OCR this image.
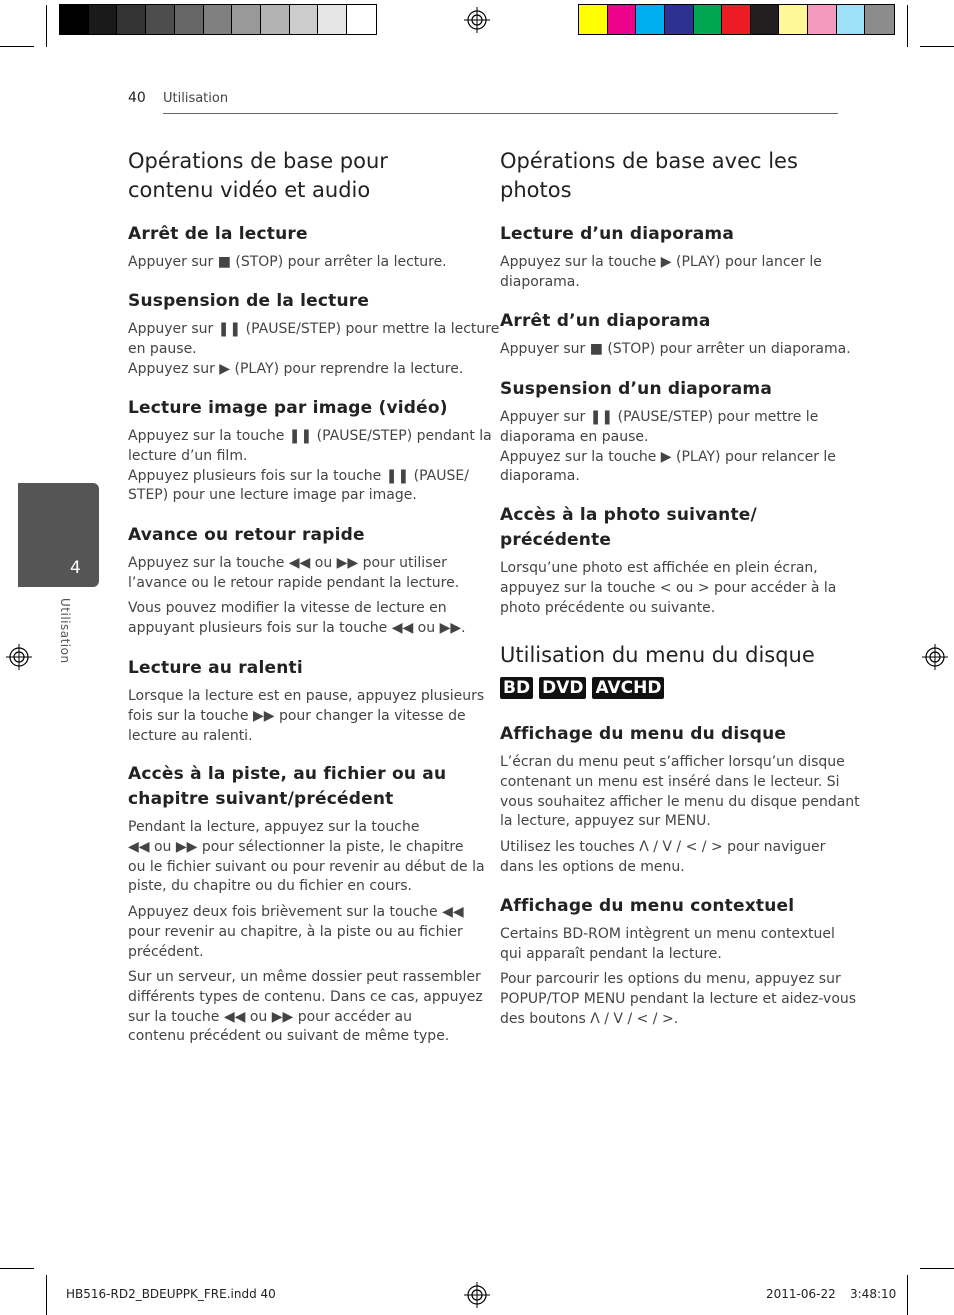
40 Utilisation
4
Utilisation
Opérations de base pour
contenu vidéo et audio
Arrêt de la lecture
Appuyer sur ■ (STOP) pour arrêter la lecture.
Suspension de la lecture
Appuyer sur ❚❚ (PAUSE/STEP) pour mettre la lecture
en pause.
Appuyez sur ▶ (PLAY) pour reprendre la lecture.
Lecture image par image (vidéo)
Appuyez sur la touche ❚❚ (PAUSE/STEP) pendant la
lecture d’un film.
Appuyez plusieurs fois sur la touche ❚❚ (PAUSE/
STEP) pour une lecture image par image.
Avance ou retour rapide
Appuyez sur la touche ◀◀ ou ▶▶ pour utiliser
l’avance ou le retour rapide pendant la lecture.
Vous pouvez modifier la vitesse de lecture en
appuyant plusieurs fois sur la touche ◀◀ ou ▶▶.
Lecture au ralenti
Lorsque la lecture est en pause, appuyez plusieurs
fois sur la touche ▶▶ pour changer la vitesse de
lecture au ralenti.
Accès à la piste, au fichier ou au
chapitre suivant/précédent
Pendant la lecture, appuyez sur la touche
◀◀ ou ▶▶ pour sélectionner la piste, le chapitre
ou le fichier suivant ou pour revenir au début de la
piste, du chapitre ou du fichier en cours.
Appuyez deux fois brièvement sur la touche ◀◀
pour revenir au chapitre, à la piste ou au fichier
précédent.
Sur un serveur, un même dossier peut rassembler
différents types de contenu. Dans ce cas, appuyez
sur la touche ◀◀ ou ▶▶ pour accéder au
contenu précédent ou suivant de même type.
Opérations de base avec les
photos
Lecture d’un diaporama
Appuyez sur la touche ▶ (PLAY) pour lancer le
diaporama.
Arrêt d’un diaporama
Appuyer sur ■ (STOP) pour arrêter un diaporama.
Suspension d’un diaporama
Appuyer sur ❚❚ (PAUSE/STEP) pour mettre le
diaporama en pause.
Appuyez sur la touche ▶ (PLAY) pour relancer le
diaporama.
Accès à la photo suivante/
précédente
Lorsqu’une photo est affichée en plein écran,
appuyez sur la touche < ou > pour accéder à la
photo précédente ou suivante.
Utilisation du menu du disque
BD DVD AVCHD
Affichage du menu du disque
L’écran du menu peut s’afficher lorsqu’un disque
contenant un menu est inséré dans le lecteur. Si
vous souhaitez afficher le menu du disque pendant
la lecture, appuyez sur MENU.
Utilisez les touches Λ / V / < / > pour naviguer
dans les options de menu.
Affichage du menu contextuel
Certains BD-ROM intègrent un menu contextuel
qui apparaît pendant la lecture.
Pour parcourir les options du menu, appuyez sur
POPUP/TOP MENU pendant la lecture et aidez-vous
des boutons Λ / V / < / >.
HB516-RD2_BDEUPPK_FRE.indd 40	2011-06-22 3:48:10
